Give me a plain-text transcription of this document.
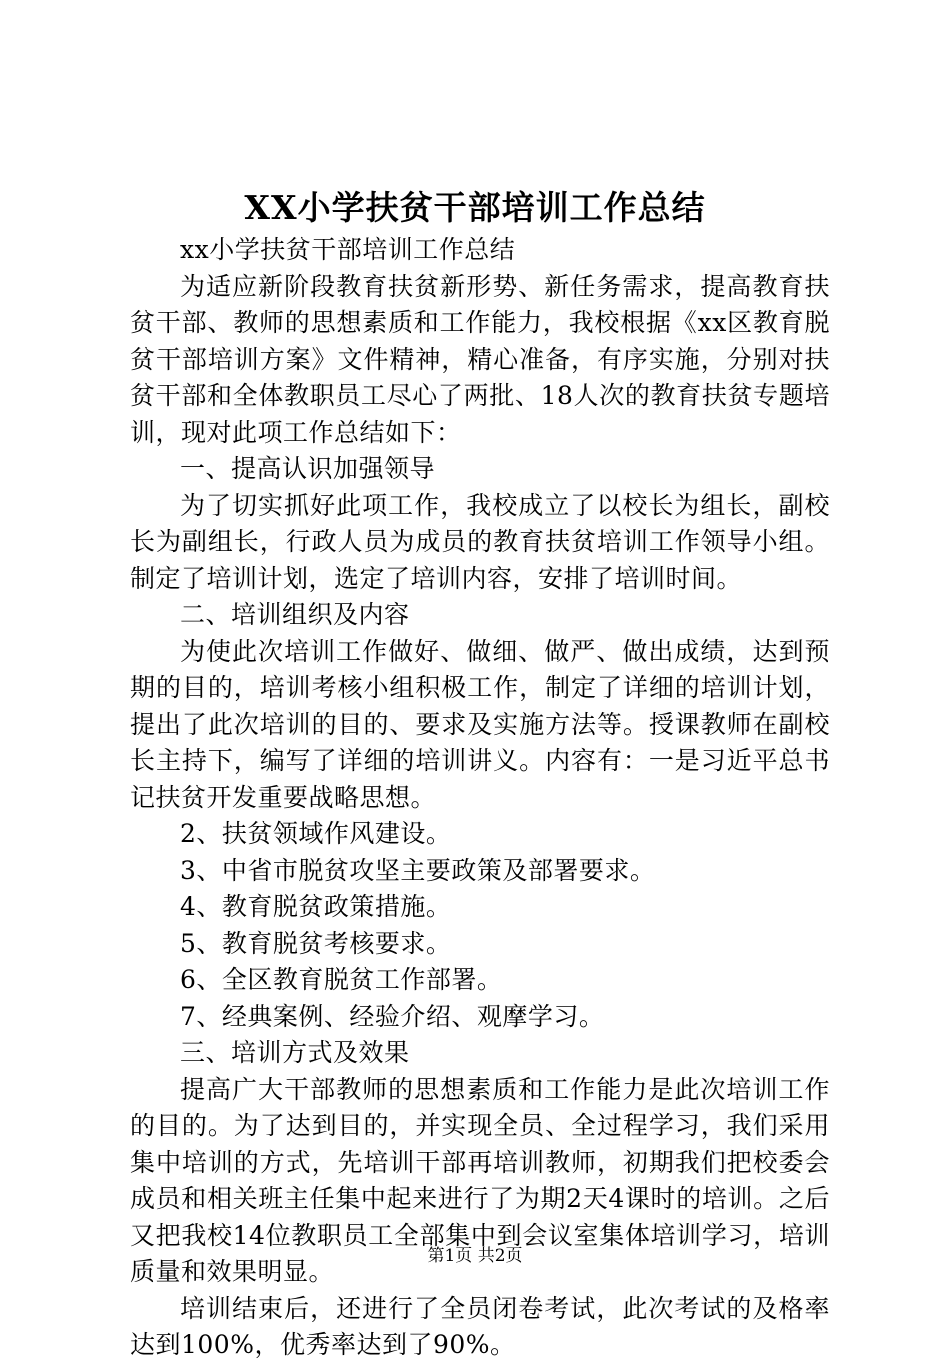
XX小学扶贫干部培训工作总结

xx小学扶贫干部培训工作总结

为适应新阶段教育扶贫新形势、新任务需求，提高教育扶贫干部、教师的思想素质和工作能力，我校根据《xx区教育脱贫干部培训方案》文件精神，精心准备，有序实施，分别对扶贫干部和全体教职员工尽心了两批、18人次的教育扶贫专题培训，现对此项工作总结如下：

一、提高认识加强领导

为了切实抓好此项工作，我校成立了以校长为组长，副校长为副组长，行政人员为成员的教育扶贫培训工作领导小组。制定了培训计划，选定了培训内容，安排了培训时间。

二、培训组织及内容

为使此次培训工作做好、做细、做严、做出成绩，达到预期的目的，培训考核小组积极工作，制定了详细的培训计划，提出了此次培训的目的、要求及实施方法等。授课教师在副校长主持下，编写了详细的培训讲义。内容有：一是习近平总书记扶贫开发重要战略思想。

2、扶贫领域作风建设。

3、中省市脱贫攻坚主要政策及部署要求。

4、教育脱贫政策措施。

5、教育脱贫考核要求。

6、全区教育脱贫工作部署。

7、经典案例、经验介绍、观摩学习。

三、培训方式及效果

提高广大干部教师的思想素质和工作能力是此次培训工作的目的。为了达到目的，并实现全员、全过程学习，我们采用集中培训的方式，先培训干部再培训教师，初期我们把校委会成员和相关班主任集中起来进行了为期2天4课时的培训。之后又把我校14位教职员工全部集中到会议室集体培训学习，培训质量和效果明显。

培训结束后，还进行了全员闭卷考试，此次考试的及格率达到100%，优秀率达到了90%。

第1页 共2页
